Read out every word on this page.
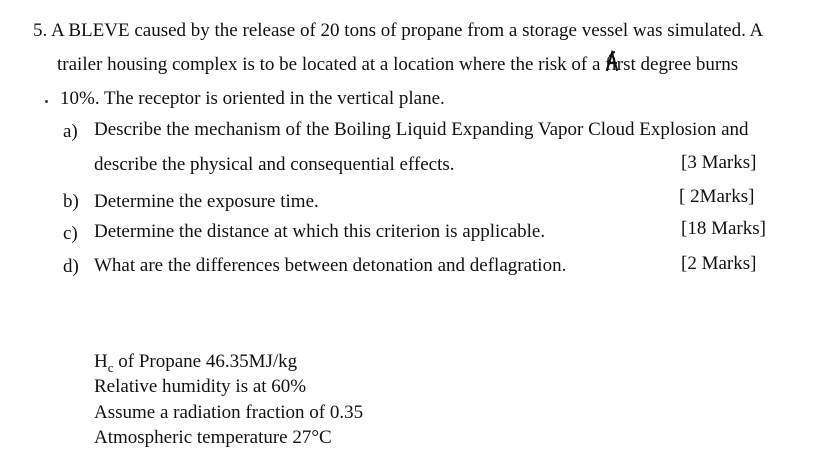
5. A BLEVE caused by the release of 20 tons of propane from a storage vessel was simulated. A
trailer housing complex is to be located at a location where the risk of a first degree burns
10%. The receptor is oriented in the vertical plane.
a) Describe the mechanism of the Boiling Liquid Expanding Vapor Cloud Explosion and
describe the physical and consequential effects.	[3 Marks]
b) Determine the exposure time.	[ 2Marks]
c) Determine the distance at which this criterion is applicable.	[18 Marks]
d) What are the differences between detonation and deflagration.	[2 Marks]
$H_c$ of Propane 46.35MJ/kg
Relative humidity is at 60%
Assume a radiation fraction of 0.35
Atmospheric temperature 27°C
